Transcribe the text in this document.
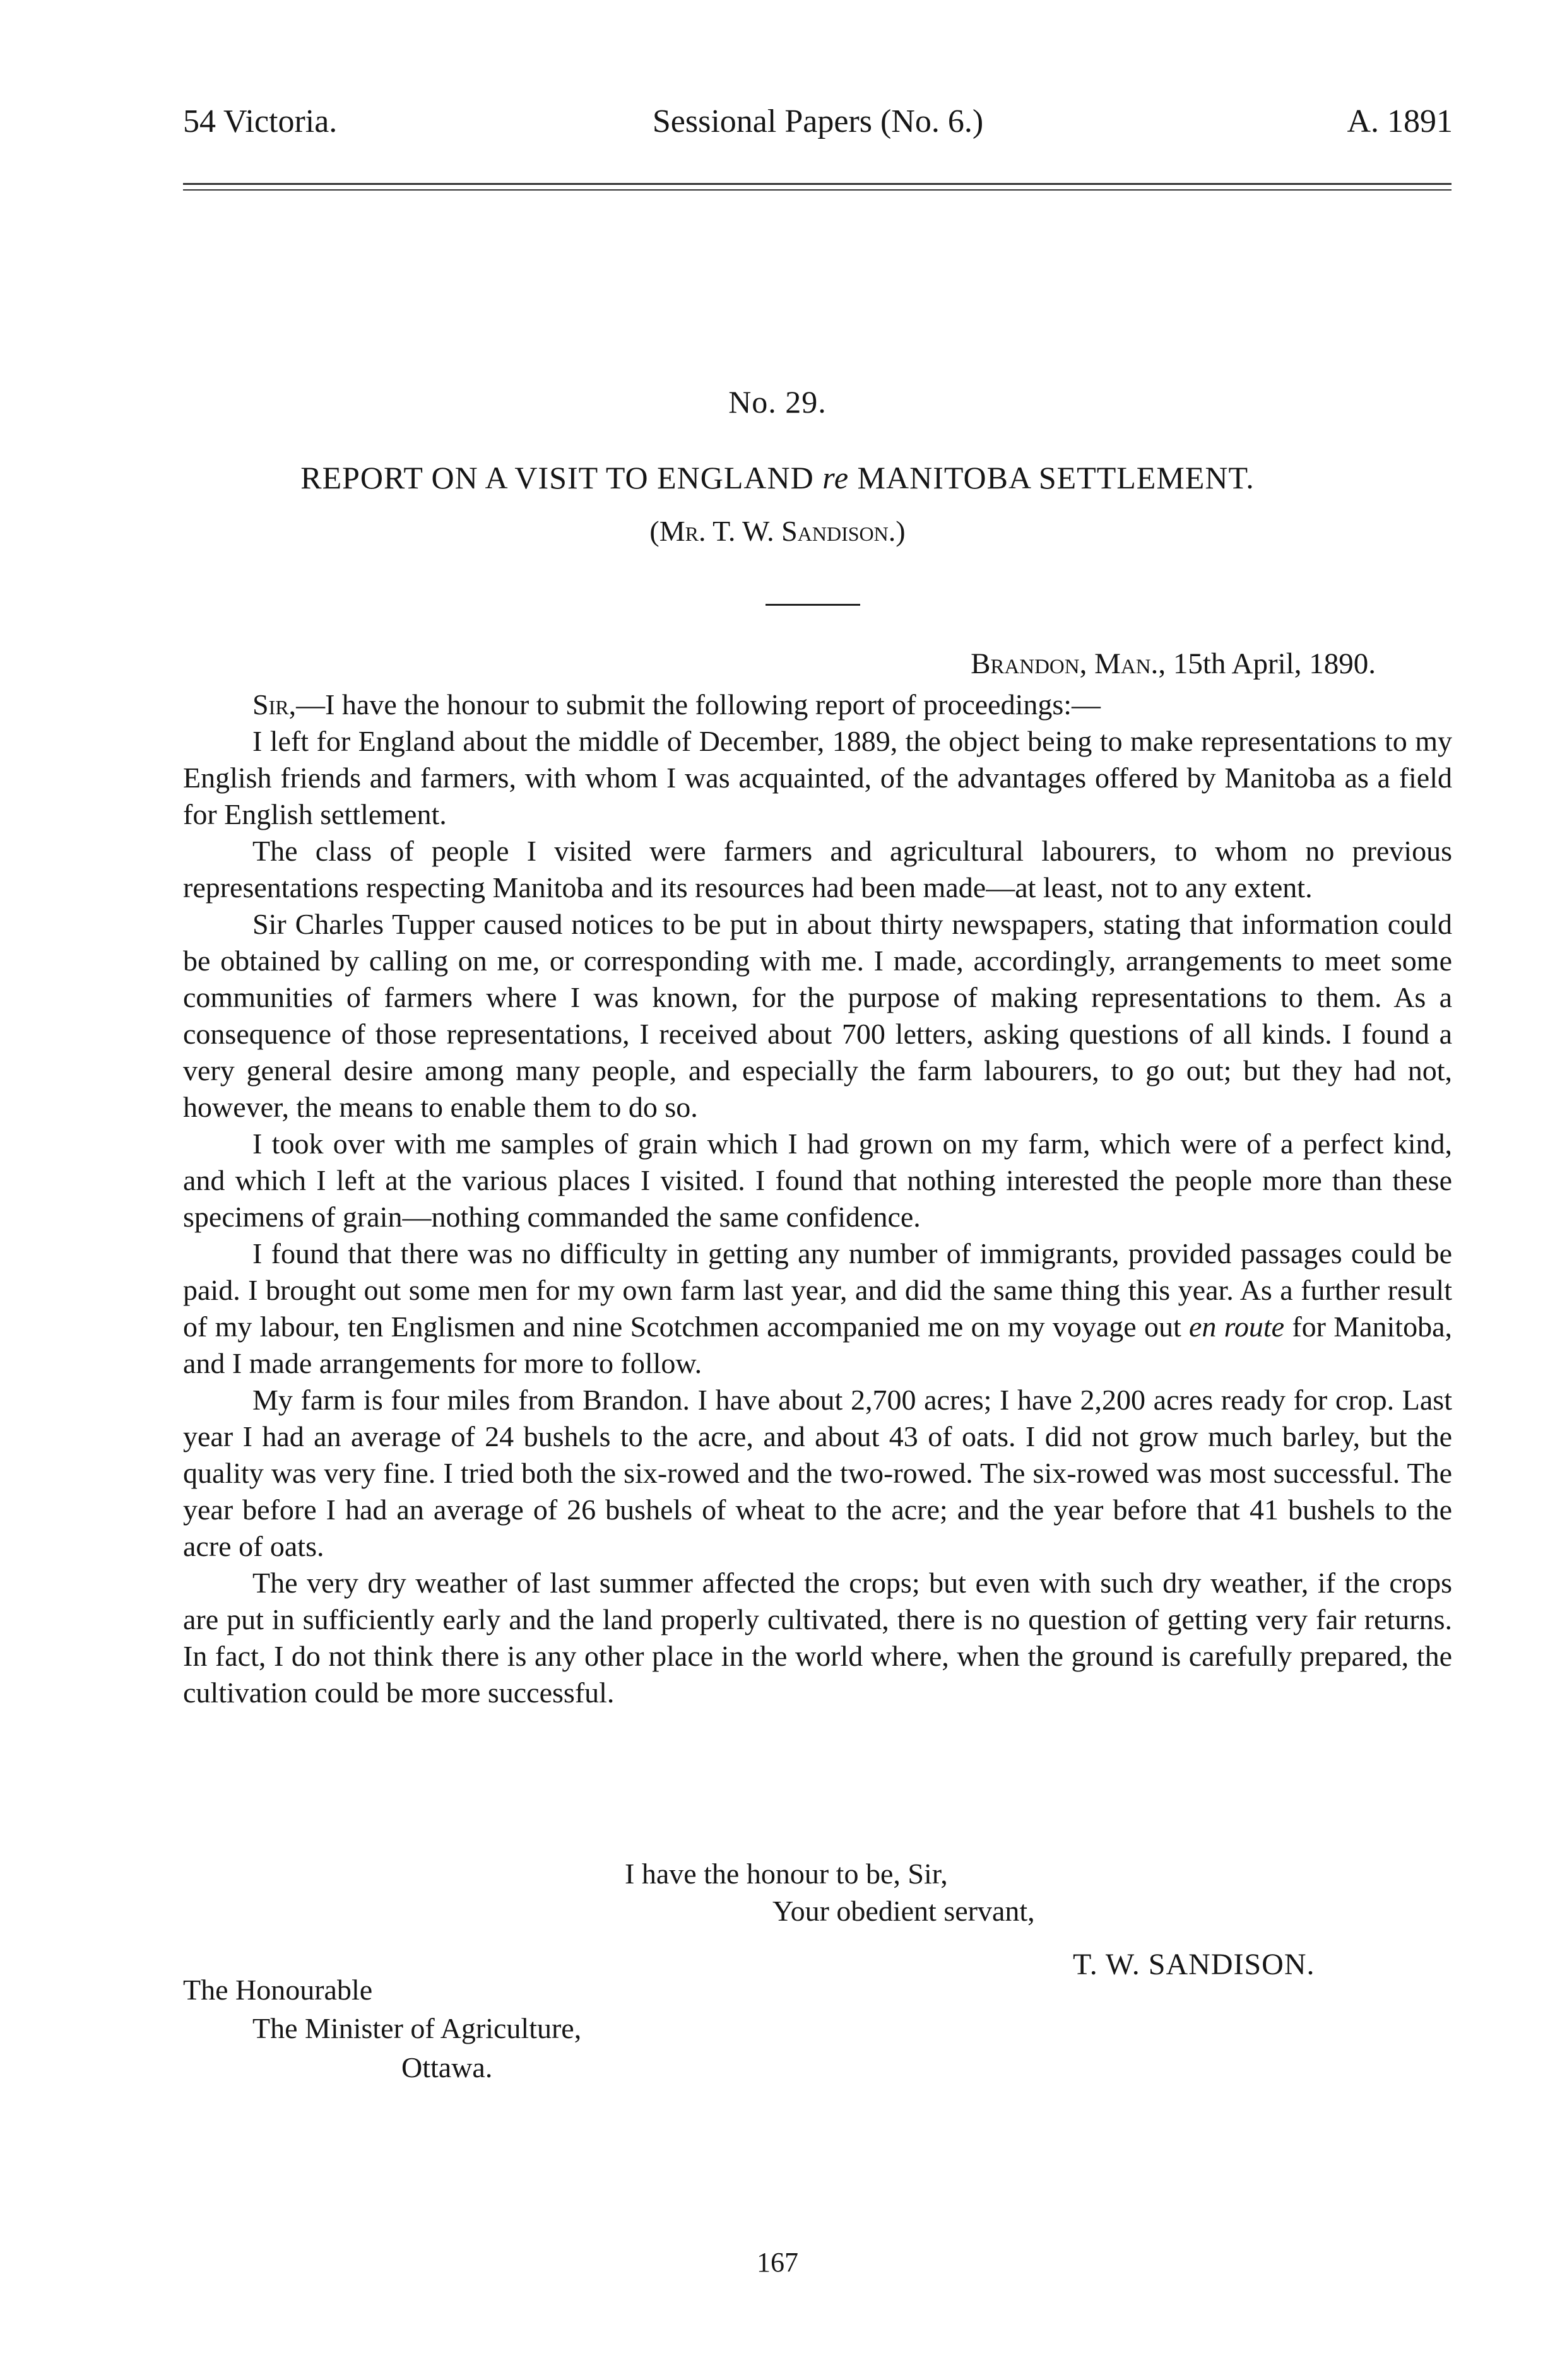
54 Victoria.	Sessional Papers (No. 6.)	A. 1891
No. 29.
REPORT ON A VISIT TO ENGLAND re MANITOBA SETTLEMENT.
(Mr. T. W. Sandison.)
Brandon, Man., 15th April, 1890.

Sir,—I have the honour to submit the following report of proceedings:—

I left for England about the middle of December, 1889, the object being to make representations to my English friends and farmers, with whom I was acquainted, of the advantages offered by Manitoba as a field for English settlement.

The class of people I visited were farmers and agricultural labourers, to whom no previous representations respecting Manitoba and its resources had been made—at least, not to any extent.

Sir Charles Tupper caused notices to be put in about thirty newspapers, stating that information could be obtained by calling on me, or corresponding with me. I made, accordingly, arrangements to meet some communities of farmers where I was known, for the purpose of making representations to them. As a consequence of those representations, I received about 700 letters, asking questions of all kinds. I found a very general desire among many people, and especially the farm labourers, to go out; but they had not, however, the means to enable them to do so.

I took over with me samples of grain which I had grown on my farm, which were of a perfect kind, and which I left at the various places I visited. I found that nothing interested the people more than these specimens of grain—nothing commanded the same confidence.

I found that there was no difficulty in getting any number of immigrants, provided passages could be paid. I brought out some men for my own farm last year, and did the same thing this year. As a further result of my labour, ten Englismen and nine Scotchmen accompanied me on my voyage out en route for Manitoba, and I made arrangements for more to follow.

My farm is four miles from Brandon. I have about 2,700 acres; I have 2,200 acres ready for crop. Last year I had an average of 24 bushels to the acre, and about 43 of oats. I did not grow much barley, but the quality was very fine. I tried both the six-rowed and the two-rowed. The six-rowed was most successful. The year before I had an average of 26 bushels of wheat to the acre; and the year before that 41 bushels to the acre of oats.

The very dry weather of last summer affected the crops; but even with such dry weather, if the crops are put in sufficiently early and the land properly cultivated, there is no question of getting very fair returns. In fact, I do not think there is any other place in the world where, when the ground is carefully prepared, the cultivation could be more successful.

I have the honour to be, Sir,
Your obedient servant,
T. W. SANDISON.
The Honourable
The Minister of Agriculture,
Ottawa.
167
